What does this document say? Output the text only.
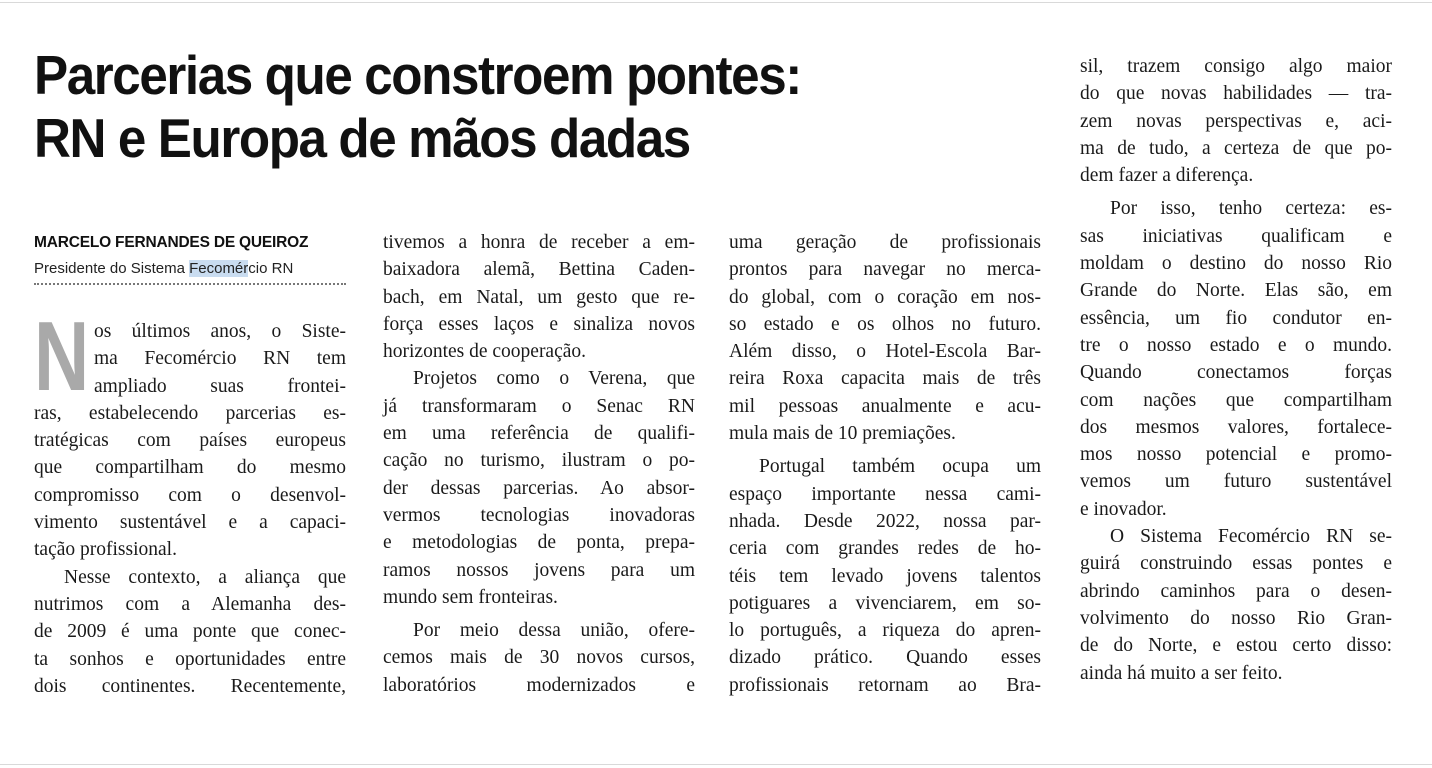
Parcerias que constroem pontes:
RN e Europa de mãos dadas
MARCELO FERNANDES DE QUEIROZ
Presidente do Sistema Fecomércio RN
N os últimos anos, o Siste-
ma Fecomércio RN tem
ampliado suas frontei-
ras, estabelecendo parcerias es-
tratégicas com países europeus
que compartilham do mesmo
compromisso com o desenvol-
vimento sustentável e a capaci-
tação profissional.
Nesse contexto, a aliança que
nutrimos com a Alemanha des-
de 2009 é uma ponte que conec-
ta sonhos e oportunidades entre
dois continentes. Recentemente,
tivemos a honra de receber a em-
baixadora alemã, Bettina Caden-
bach, em Natal, um gesto que re-
força esses laços e sinaliza novos
horizontes de cooperação.
Projetos como o Verena, que
já transformaram o Senac RN
em uma referência de qualifi-
cação no turismo, ilustram o po-
der dessas parcerias. Ao absor-
vermos tecnologias inovadoras
e metodologias de ponta, prepa-
ramos nossos jovens para um
mundo sem fronteiras.
Por meio dessa união, ofere-
cemos mais de 30 novos cursos,
laboratórios modernizados e
uma geração de profissionais
prontos para navegar no merca-
do global, com o coração em nos-
so estado e os olhos no futuro.
Além disso, o Hotel-Escola Bar-
reira Roxa capacita mais de três
mil pessoas anualmente e acu-
mula mais de 10 premiações.
Portugal também ocupa um
espaço importante nessa cami-
nhada. Desde 2022, nossa par-
ceria com grandes redes de ho-
téis tem levado jovens talentos
potiguares a vivenciarem, em so-
lo português, a riqueza do apren-
dizado prático. Quando esses
profissionais retornam ao Bra-
sil, trazem consigo algo maior
do que novas habilidades — tra-
zem novas perspectivas e, aci-
ma de tudo, a certeza de que po-
dem fazer a diferença.
Por isso, tenho certeza: es-
sas iniciativas qualificam e
moldam o destino do nosso Rio
Grande do Norte. Elas são, em
essência, um fio condutor en-
tre o nosso estado e o mundo.
Quando conectamos forças
com nações que compartilham
dos mesmos valores, fortalece-
mos nosso potencial e promo-
vemos um futuro sustentável
e inovador.
O Sistema Fecomércio RN se-
guirá construindo essas pontes e
abrindo caminhos para o desen-
volvimento do nosso Rio Gran-
de do Norte, e estou certo disso:
ainda há muito a ser feito.
